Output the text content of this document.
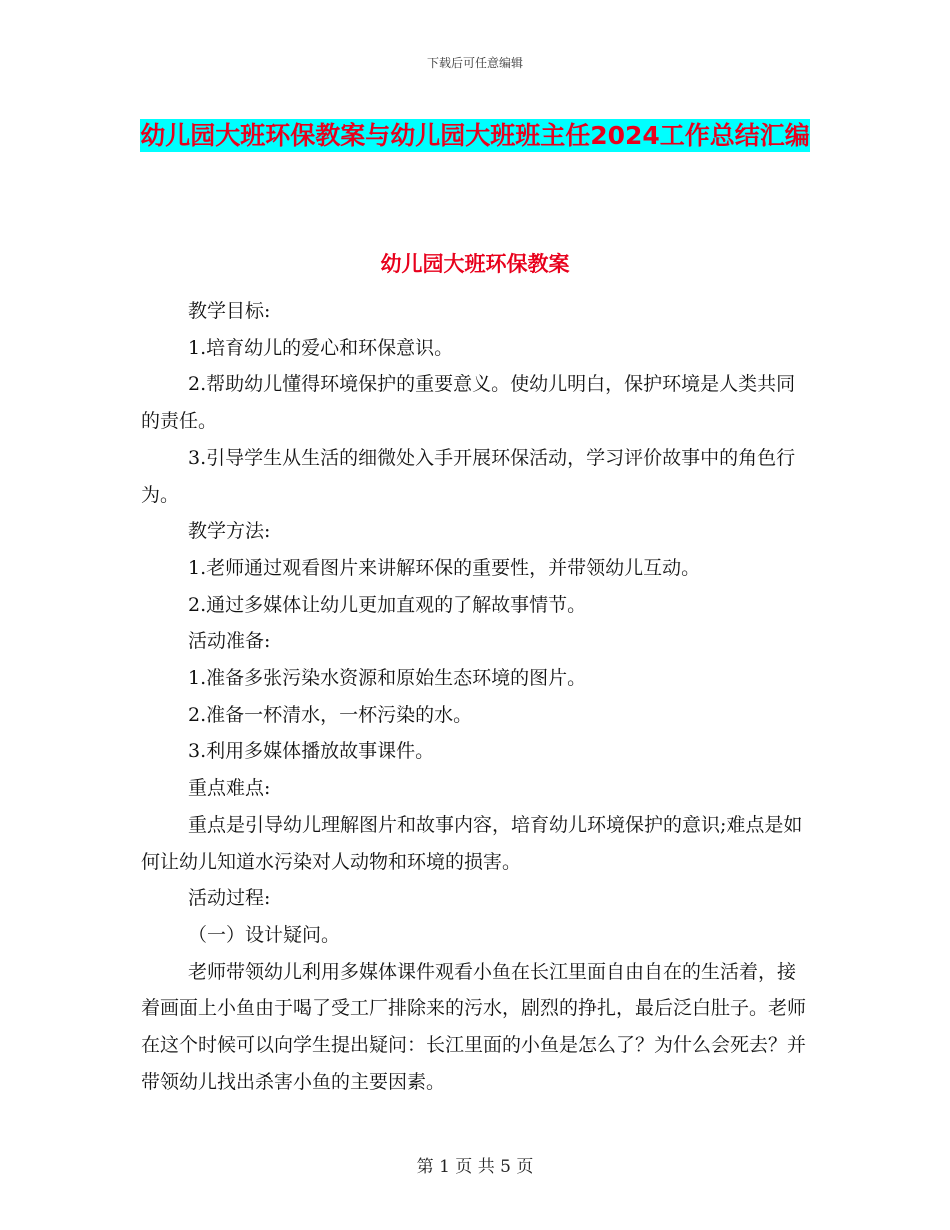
下载后可任意编辑
幼儿园大班环保教案与幼儿园大班班主任2024工作总结汇编
幼儿园大班环保教案

教学目标:

1.培育幼儿的爱心和环保意识。

2.帮助幼儿懂得环境保护的重要意义。使幼儿明白，保护环境是人类共同的责任。

3.引导学生从生活的细微处入手开展环保活动，学习评价故事中的角色行为。

教学方法:

1.老师通过观看图片来讲解环保的重要性，并带领幼儿互动。

2.通过多媒体让幼儿更加直观的了解故事情节。

活动准备:

1.准备多张污染水资源和原始生态环境的图片。

2.准备一杯清水，一杯污染的水。

3.利用多媒体播放故事课件。

重点难点:

重点是引导幼儿理解图片和故事内容，培育幼儿环境保护的意识;难点是如何让幼儿知道水污染对人动物和环境的损害。

活动过程:

（一）设计疑问。

老师带领幼儿利用多媒体课件观看小鱼在长江里面自由自在的生活着，接着画面上小鱼由于喝了受工厂排除来的污水，剧烈的挣扎，最后泛白肚子。老师在这个时候可以向学生提出疑问：长江里面的小鱼是怎么了？为什么会死去？并带领幼儿找出杀害小鱼的主要因素。

第 1 页 共 5 页
